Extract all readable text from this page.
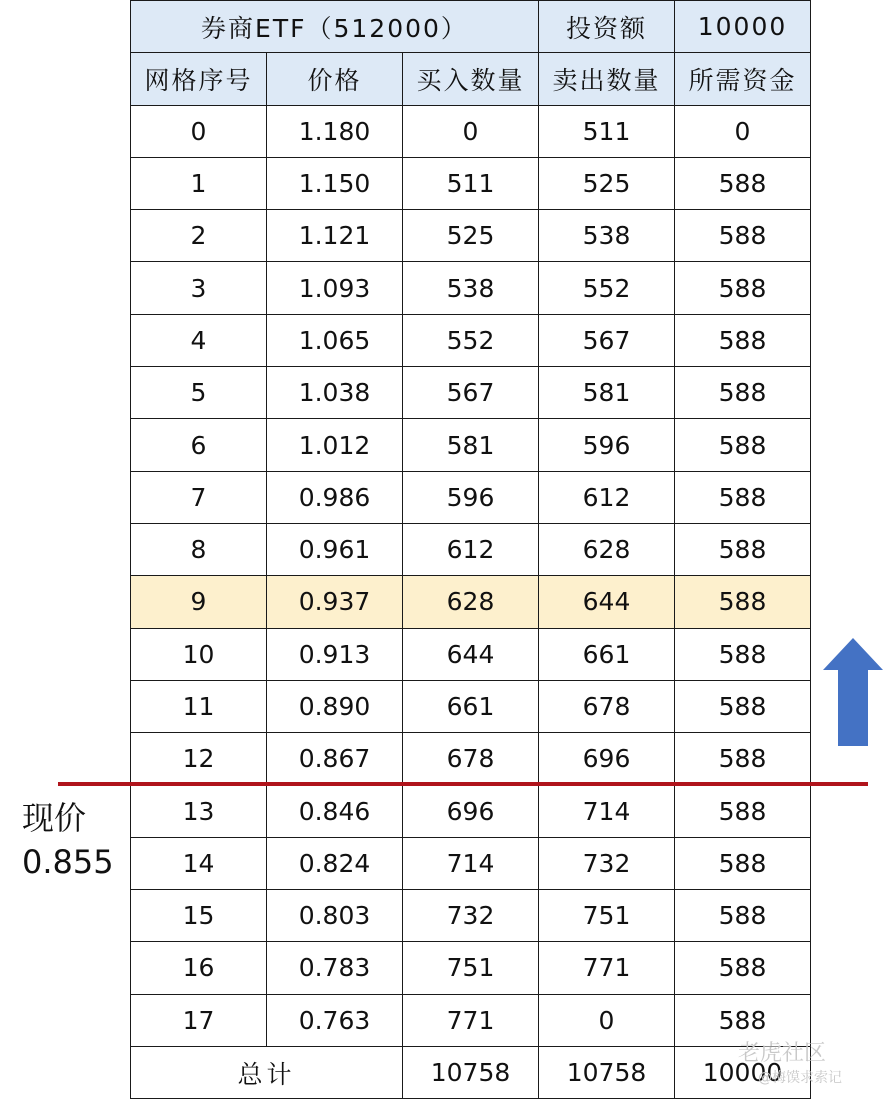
券商ETF（512000）			投资额	10000
网格序号	价格	买入数量	卖出数量	所需资金
0	1.180	0	511	0
1	1.150	511	525	588
2	1.121	525	538	588
3	1.093	538	552	588
4	1.065	552	567	588
5	1.038	567	581	588
6	1.012	581	596	588
7	0.986	596	612	588
8	0.961	612	628	588
9	0.937	628	644	588
10	0.913	644	661	588
11	0.890	661	678	588
12	0.867	678	696	588
13	0.846	696	714	588
14	0.824	714	732	588
15	0.803	732	751	588
16	0.783	751	771	588
17	0.763	771	0	588
总计		10758	10758	10000
现价
0.855
老虎社区
@梅馍求索记
